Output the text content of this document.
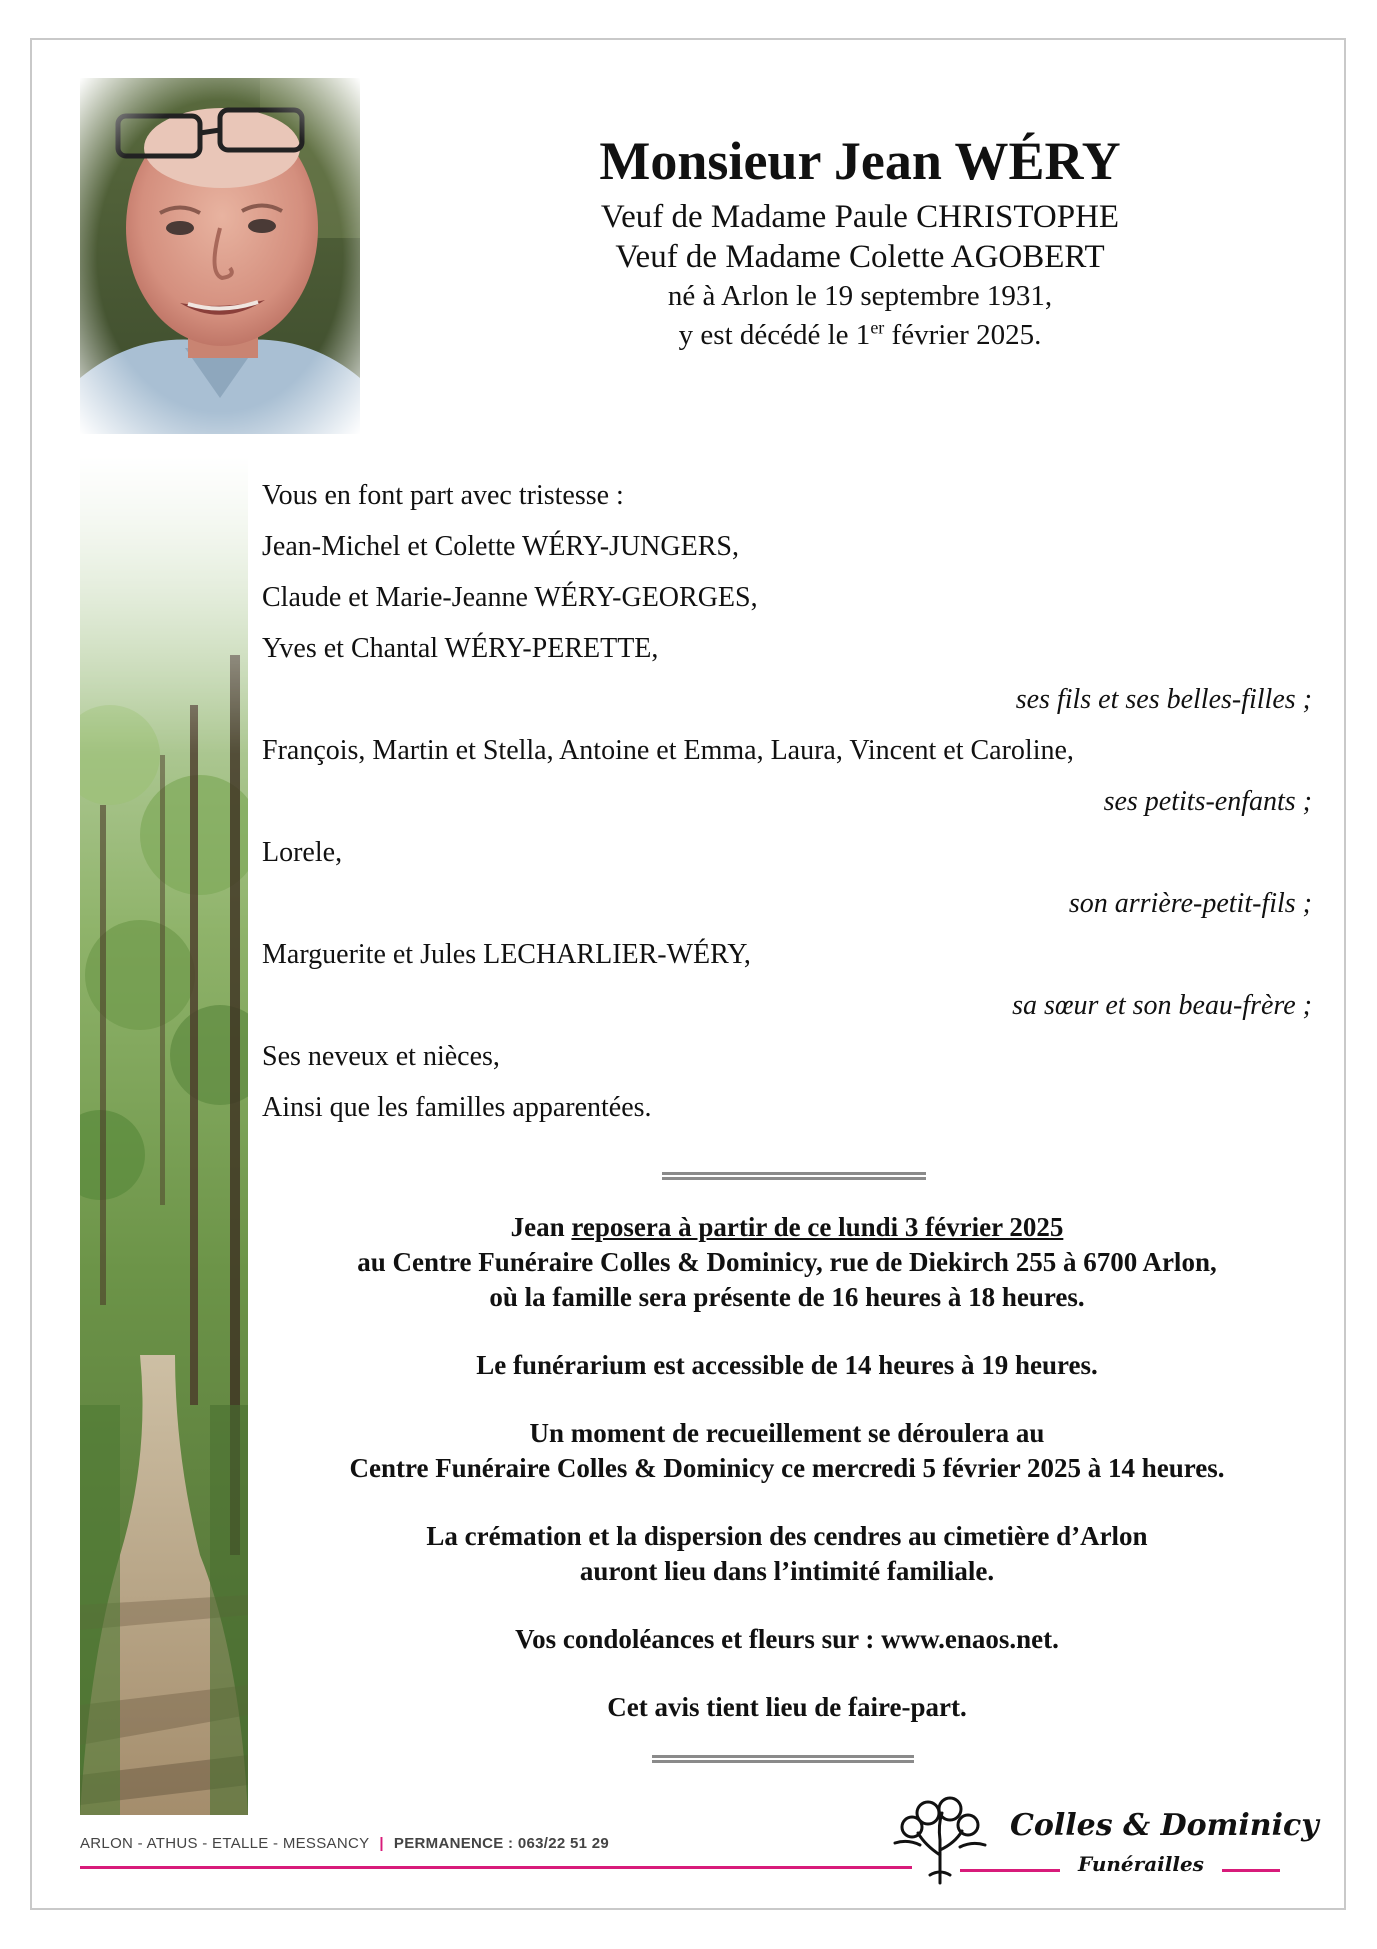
Monsieur Jean WÉRY
Veuf de Madame Paule CHRISTOPHE
Veuf de Madame Colette AGOBERT
né à Arlon le 19 septembre 1931,
y est décédé le 1er février 2025.
Vous en font part avec tristesse :
Jean-Michel et Colette WÉRY-JUNGERS,
Claude et Marie-Jeanne WÉRY-GEORGES,
Yves et Chantal WÉRY-PERETTE,
ses fils et ses belles-filles ;
François, Martin et Stella, Antoine et Emma, Laura, Vincent et Caroline,
ses petits-enfants ;
Lorele,
son arrière-petit-fils ;
Marguerite et Jules LECHARLIER-WÉRY,
sa sœur et son beau-frère ;
Ses neveux et nièces,
Ainsi que les familles apparentées.
Jean reposera à partir de ce lundi 3 février 2025
au Centre Funéraire Colles & Dominicy, rue de Diekirch 255 à 6700 Arlon,
où la famille sera présente de 16 heures à 18 heures.
Le funérarium est accessible de 14 heures à 19 heures.
Un moment de recueillement se déroulera au
Centre Funéraire Colles & Dominicy ce mercredi 5 février 2025 à 14 heures.
La crémation et la dispersion des cendres au cimetière d’Arlon
auront lieu dans l’intimité familiale.
Vos condoléances et fleurs sur : www.enaos.net.
Cet avis tient lieu de faire-part.
ARLON - ATHUS - ETALLE - MESSANCY | PERMANENCE : 063/22 51 29
Colles & Dominicy
Funérailles
